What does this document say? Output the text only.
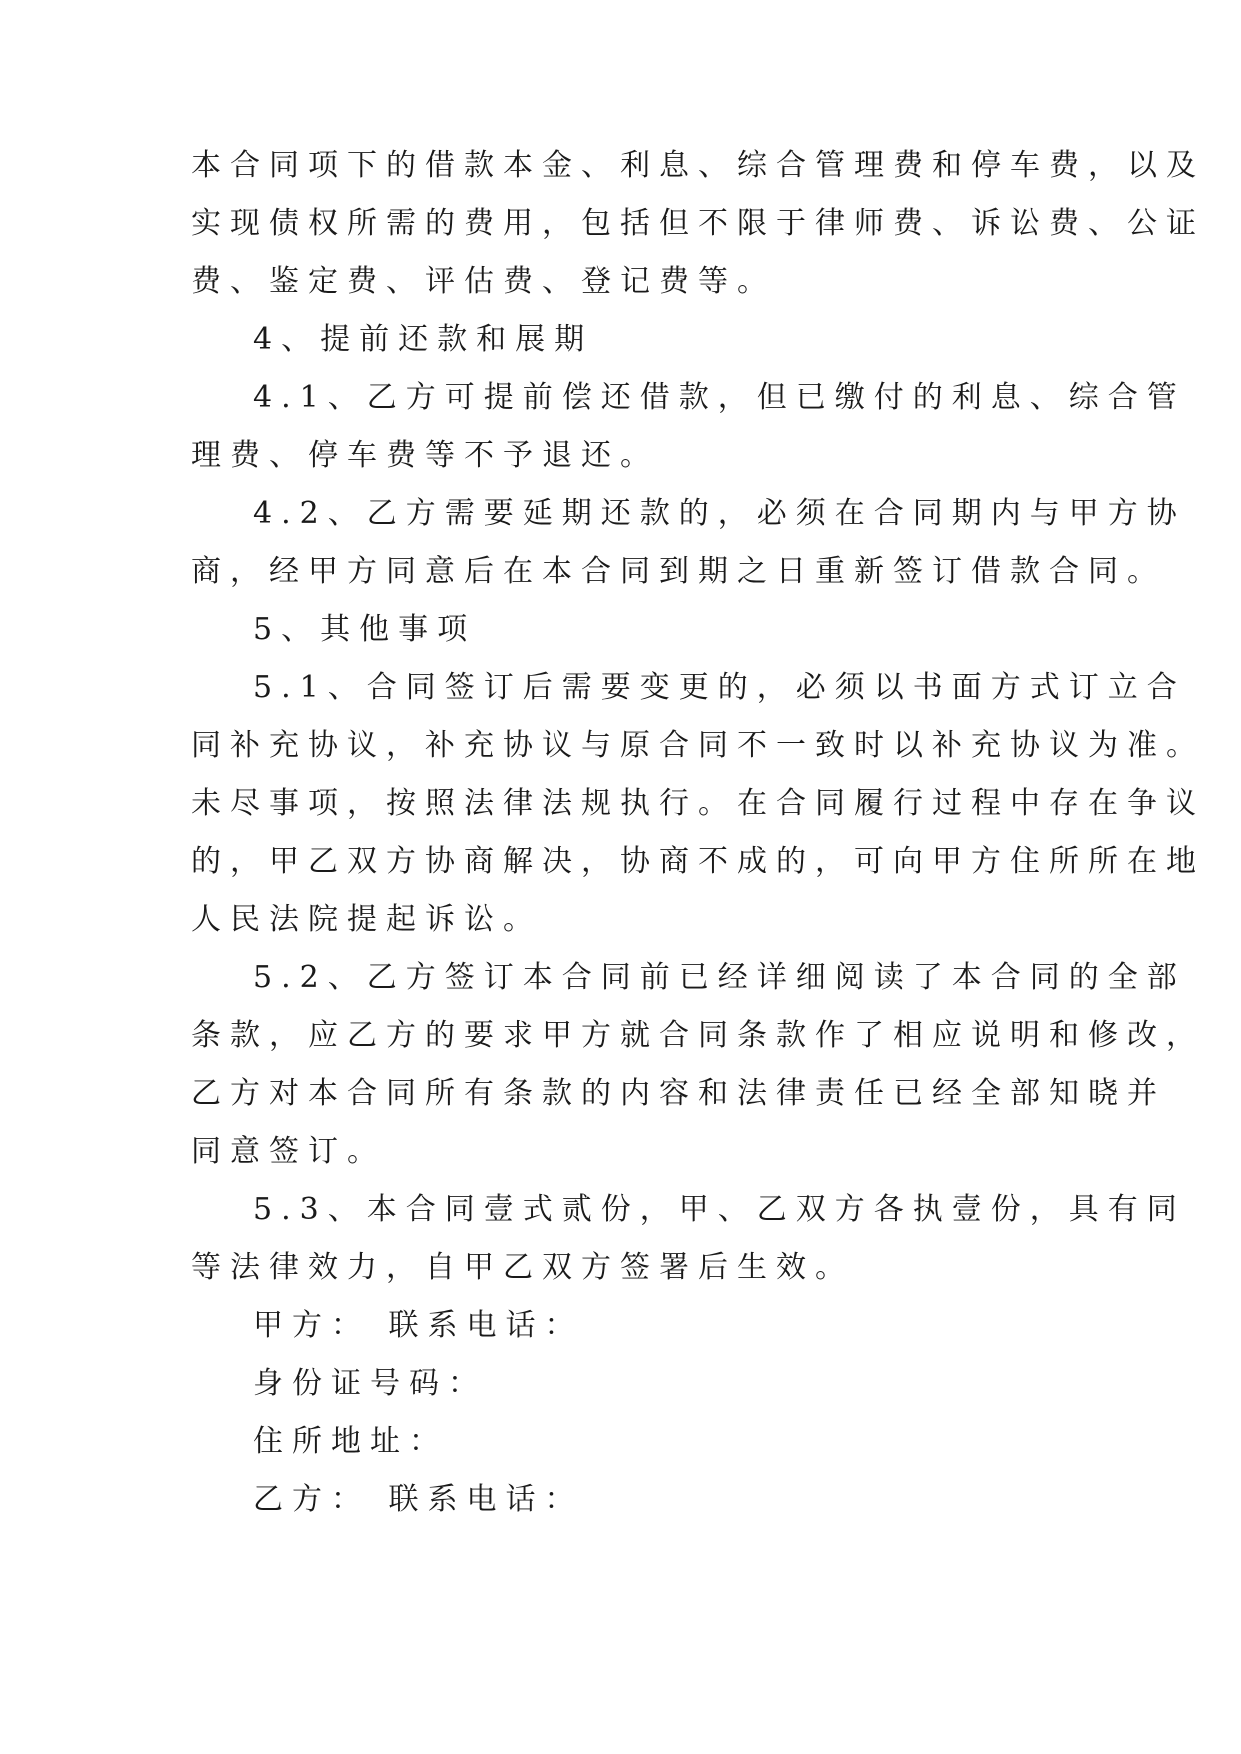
本合同项下的借款本金、利息、综合管理费和停车费，以及
实现债权所需的费用，包括但不限于律师费、诉讼费、公证
费、鉴定费、评估费、登记费等。
4、提前还款和展期
4.1、乙方可提前偿还借款，但已缴付的利息、综合管
理费、停车费等不予退还。
4.2、乙方需要延期还款的，必须在合同期内与甲方协
商，经甲方同意后在本合同到期之日重新签订借款合同。
5、其他事项
5.1、合同签订后需要变更的，必须以书面方式订立合
同补充协议，补充协议与原合同不一致时以补充协议为准。
未尽事项，按照法律法规执行。在合同履行过程中存在争议
的，甲乙双方协商解决，协商不成的，可向甲方住所所在地
人民法院提起诉讼。
5.2、乙方签订本合同前已经详细阅读了本合同的全部
条款，应乙方的要求甲方就合同条款作了相应说明和修改，
乙方对本合同所有条款的内容和法律责任已经全部知晓并
同意签订。
5.3、本合同壹式贰份，甲、乙双方各执壹份，具有同
等法律效力，自甲乙双方签署后生效。
甲方： 联系电话：
身份证号码：
住所地址：
乙方： 联系电话：
